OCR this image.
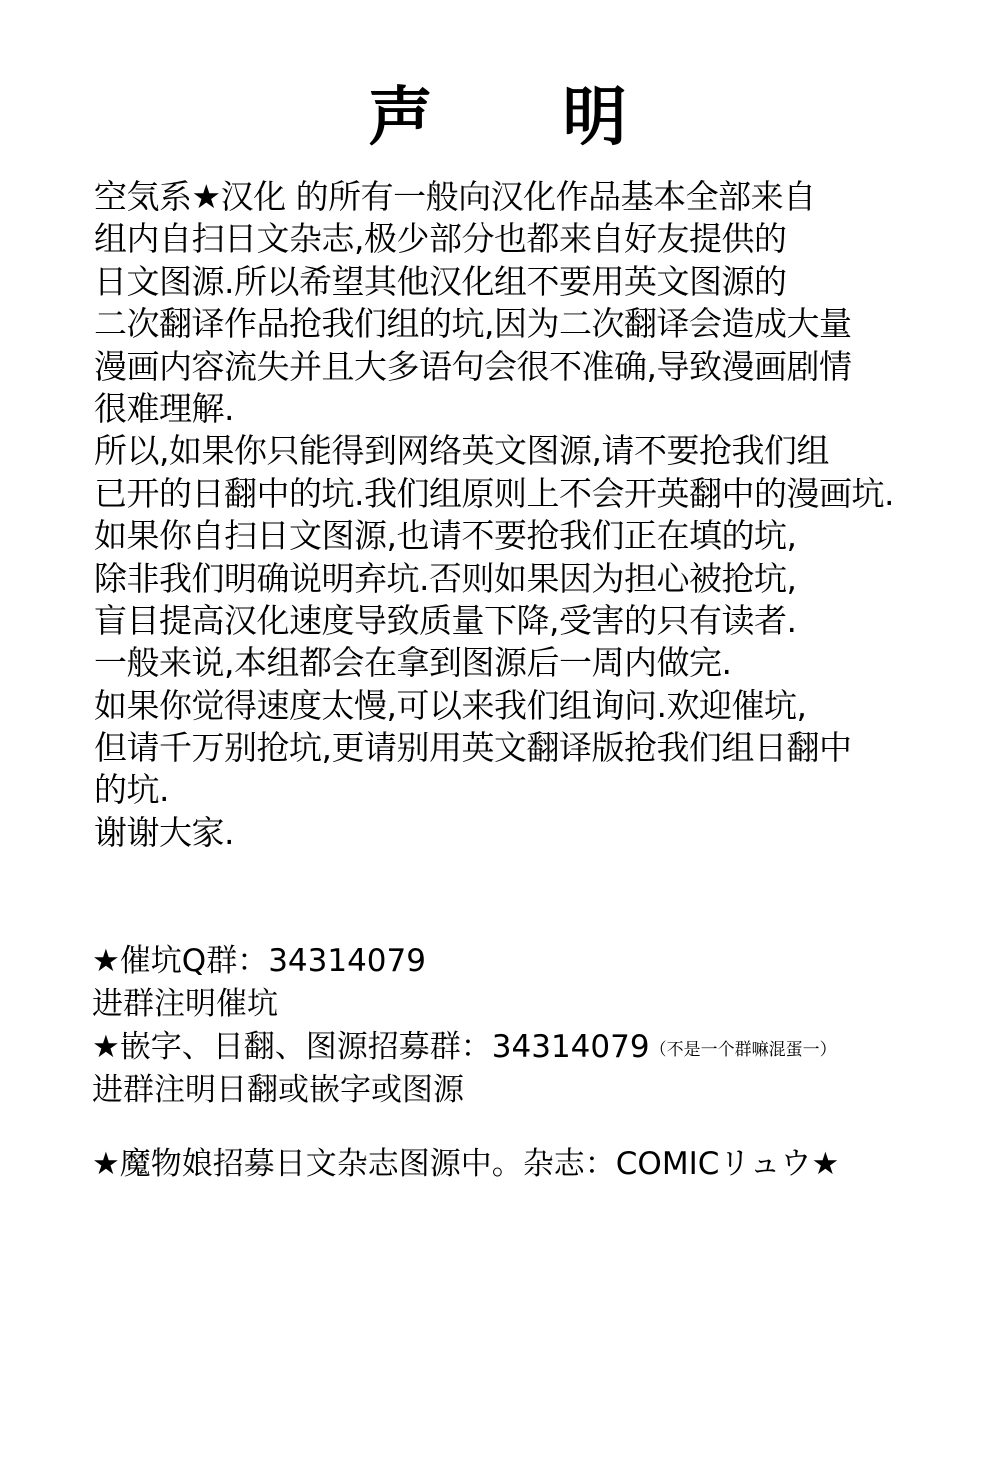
声 明
空気系★汉化 的所有一般向汉化作品基本全部来自
组内自扫日文杂志,极少部分也都来自好友提供的
日文图源.所以希望其他汉化组不要用英文图源的
二次翻译作品抢我们组的坑,因为二次翻译会造成大量
漫画内容流失并且大多语句会很不准确,导致漫画剧情
很难理解.
所以,如果你只能得到网络英文图源,请不要抢我们组
已开的日翻中的坑.我们组原则上不会开英翻中的漫画坑.
如果你自扫日文图源,也请不要抢我们正在填的坑,
除非我们明确说明弃坑.否则如果因为担心被抢坑,
盲目提高汉化速度导致质量下降,受害的只有读者.
一般来说,本组都会在拿到图源后一周内做完.
如果你觉得速度太慢,可以来我们组询问.欢迎催坑,
但请千万别抢坑,更请别用英文翻译版抢我们组日翻中
的坑.
谢谢大家.
★催坑Q群：34314079
进群注明催坑
★嵌字、日翻、图源招募群：34314079（不是一个群嘛混蛋一）
进群注明日翻或嵌字或图源
★魔物娘招募日文杂志图源中。杂志：COMICリュウ★
